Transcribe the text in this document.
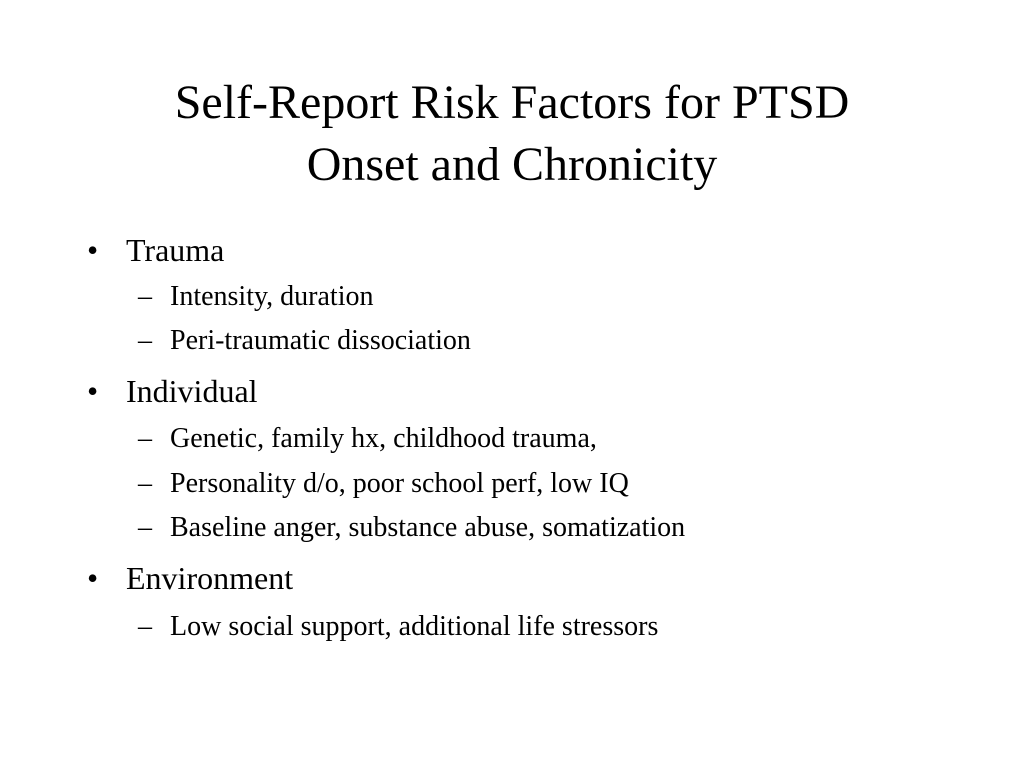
Self-Report Risk Factors for PTSD
Onset and Chronicity
• Trauma
– Intensity, duration
– Peri-traumatic dissociation
• Individual
– Genetic, family hx, childhood trauma,
– Personality d/o, poor school perf, low IQ
– Baseline anger, substance abuse, somatization
• Environment
– Low social support, additional life stressors
